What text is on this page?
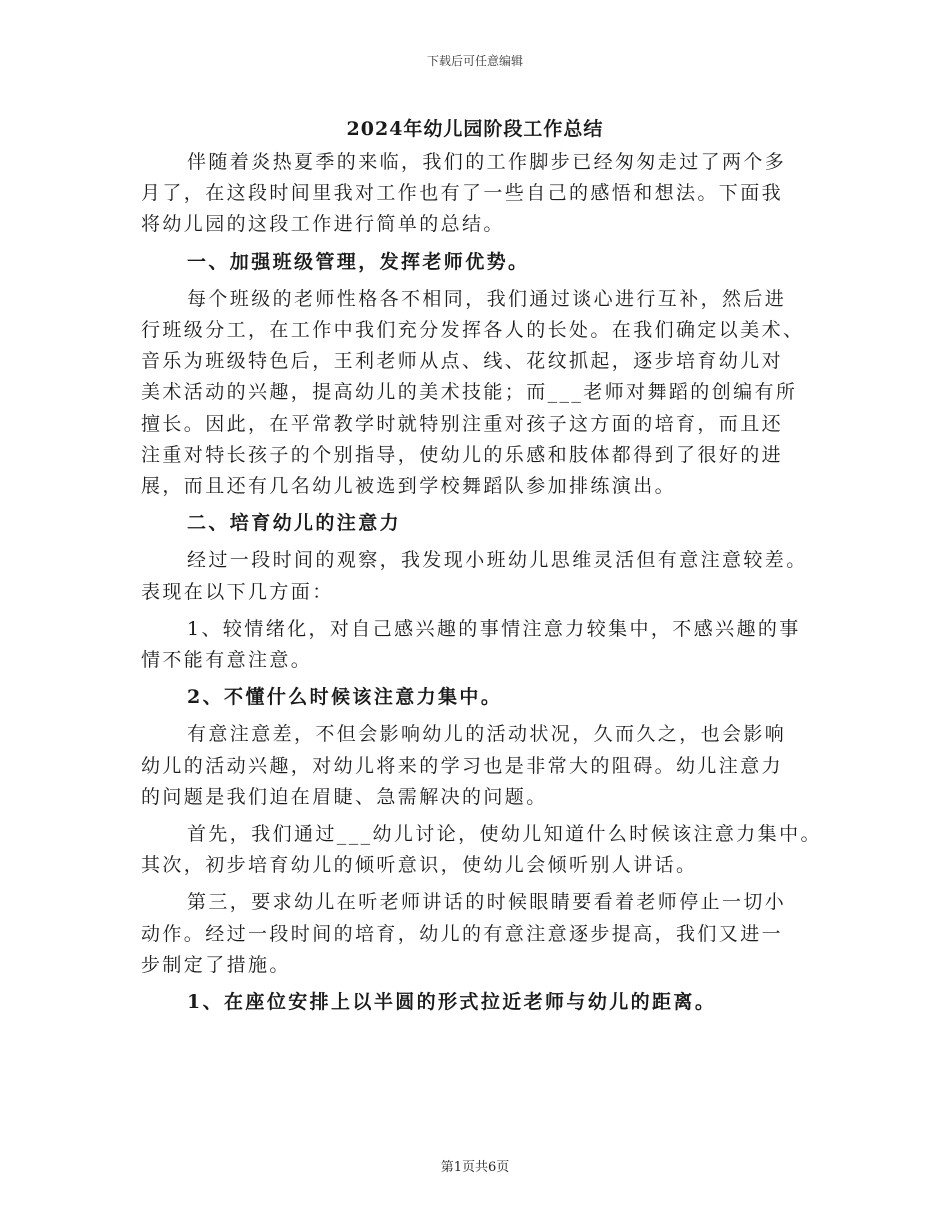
下载后可任意编辑
2024年幼儿园阶段工作总结

伴随着炎热夏季的来临，我们的工作脚步已经匆匆走过了两个多

月了，在这段时间里我对工作也有了一些自己的感悟和想法。下面我

将幼儿园的这段工作进行简单的总结。

一、加强班级管理，发挥老师优势。

每个班级的老师性格各不相同，我们通过谈心进行互补，然后进

行班级分工，在工作中我们充分发挥各人的长处。在我们确定以美术、

音乐为班级特色后，王利老师从点、线、花纹抓起，逐步培育幼儿对

美术活动的兴趣，提高幼儿的美术技能；而___老师对舞蹈的创编有所

擅长。因此，在平常教学时就特别注重对孩子这方面的培育，而且还

注重对特长孩子的个别指导，使幼儿的乐感和肢体都得到了很好的进

展，而且还有几名幼儿被选到学校舞蹈队参加排练演出。

二、培育幼儿的注意力

经过一段时间的观察，我发现小班幼儿思维灵活但有意注意较差。

表现在以下几方面：

1、较情绪化，对自己感兴趣的事情注意力较集中，不感兴趣的事

情不能有意注意。

2、不懂什么时候该注意力集中。

有意注意差，不但会影响幼儿的活动状况，久而久之，也会影响

幼儿的活动兴趣，对幼儿将来的学习也是非常大的阻碍。幼儿注意力

的问题是我们迫在眉睫、急需解决的问题。

首先，我们通过___幼儿讨论，使幼儿知道什么时候该注意力集中。

其次，初步培育幼儿的倾听意识，使幼儿会倾听别人讲话。

第三，要求幼儿在听老师讲话的时候眼睛要看着老师停止一切小

动作。经过一段时间的培育，幼儿的有意注意逐步提高，我们又进一

步制定了措施。

1、在座位安排上以半圆的形式拉近老师与幼儿的距离。

第1页共6页
